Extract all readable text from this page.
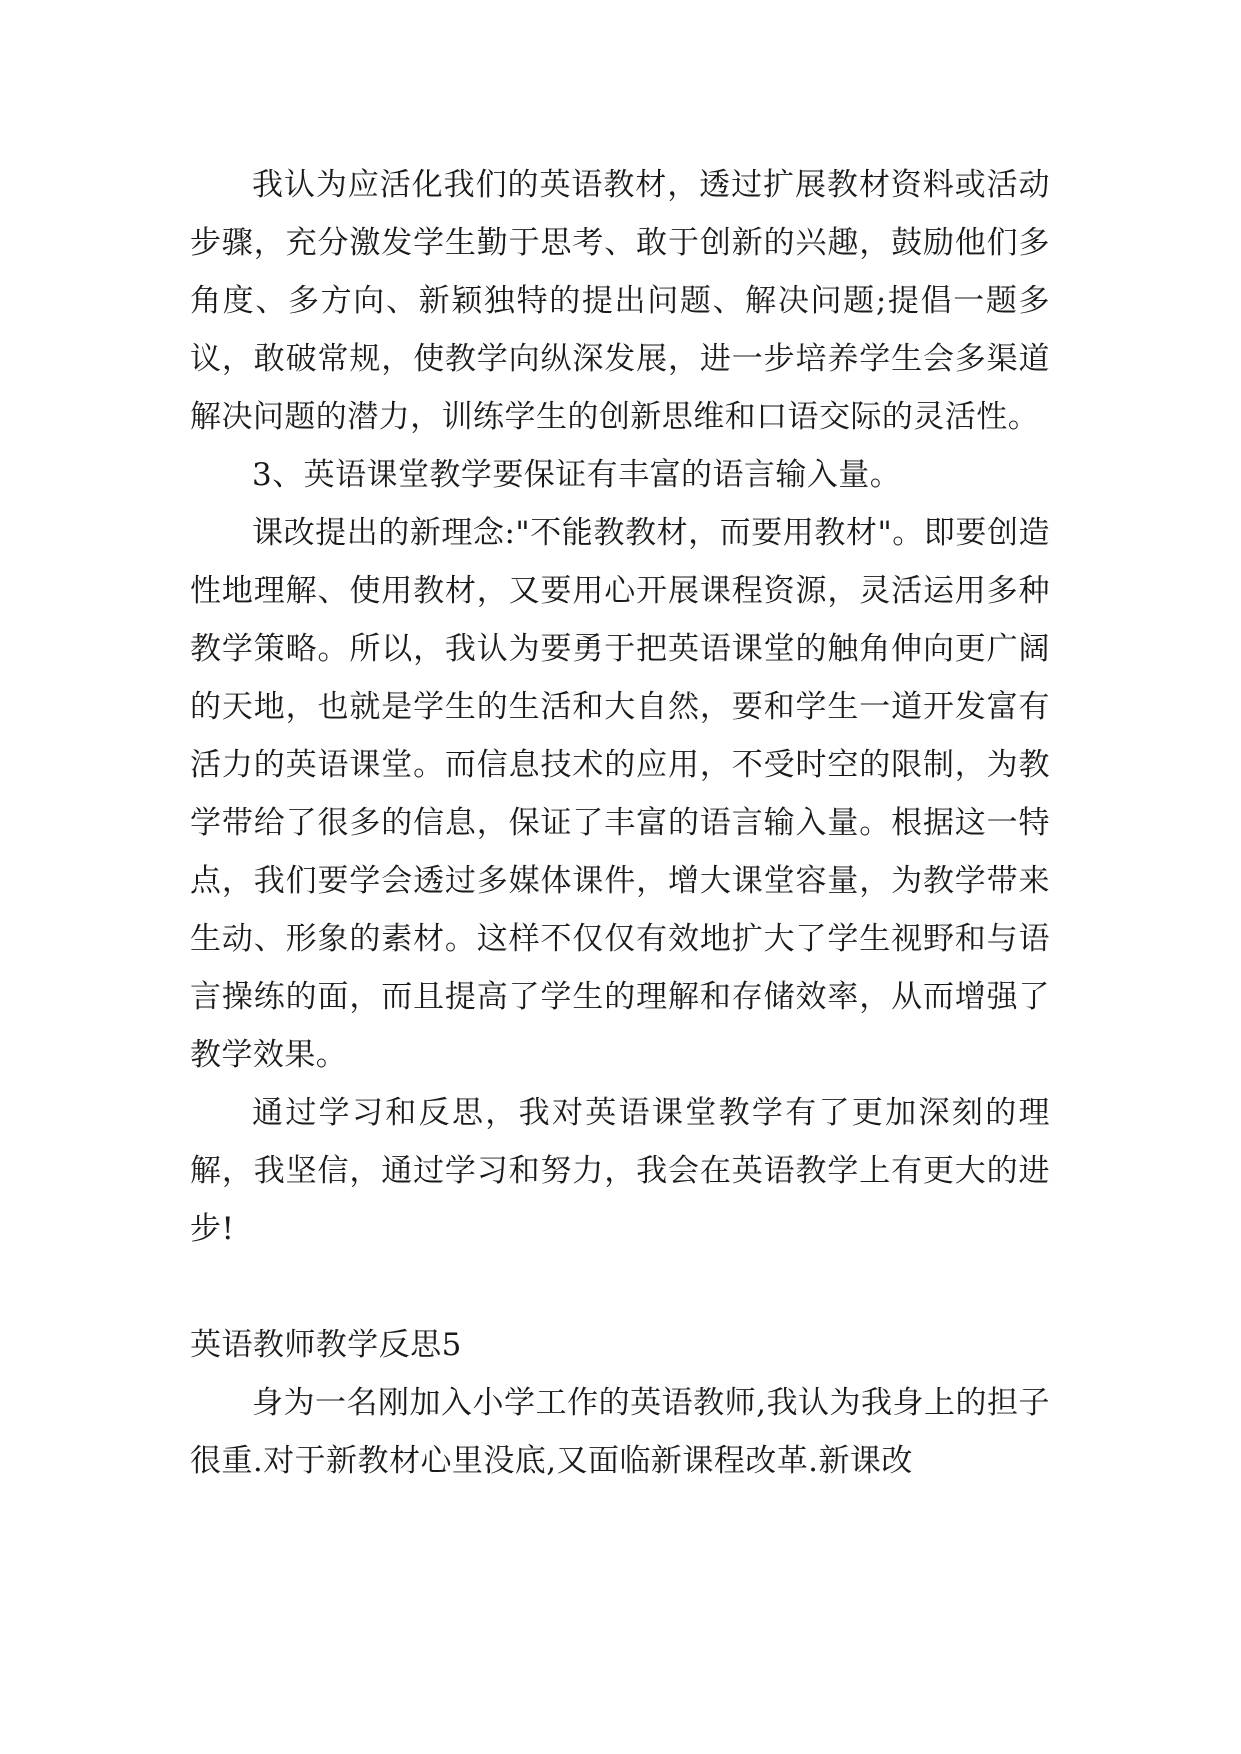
我认为应活化我们的英语教材，透过扩展教材资料或活动步骤，充分激发学生勤于思考、敢于创新的兴趣，鼓励他们多角度、多方向、新颖独特的提出问题、解决问题;提倡一题多议，敢破常规，使教学向纵深发展，进一步培养学生会多渠道解决问题的潜力，训练学生的创新思维和口语交际的灵活性。

3、英语课堂教学要保证有丰富的语言输入量。

课改提出的新理念:"不能教教材，而要用教材"。即要创造性地理解、使用教材，又要用心开展课程资源，灵活运用多种教学策略。所以，我认为要勇于把英语课堂的触角伸向更广阔的天地，也就是学生的生活和大自然，要和学生一道开发富有活力的英语课堂。而信息技术的应用，不受时空的限制，为教学带给了很多的信息，保证了丰富的语言输入量。根据这一特点，我们要学会透过多媒体课件，增大课堂容量，为教学带来生动、形象的素材。这样不仅仅有效地扩大了学生视野和与语言操练的面，而且提高了学生的理解和存储效率，从而增强了教学效果。

通过学习和反思，我对英语课堂教学有了更加深刻的理解，我坚信，通过学习和努力，我会在英语教学上有更大的进步!

英语教师教学反思5

身为一名刚加入小学工作的英语教师,我认为我身上的担子很重.对于新教材心里没底,又面临新课程改革.新课改
